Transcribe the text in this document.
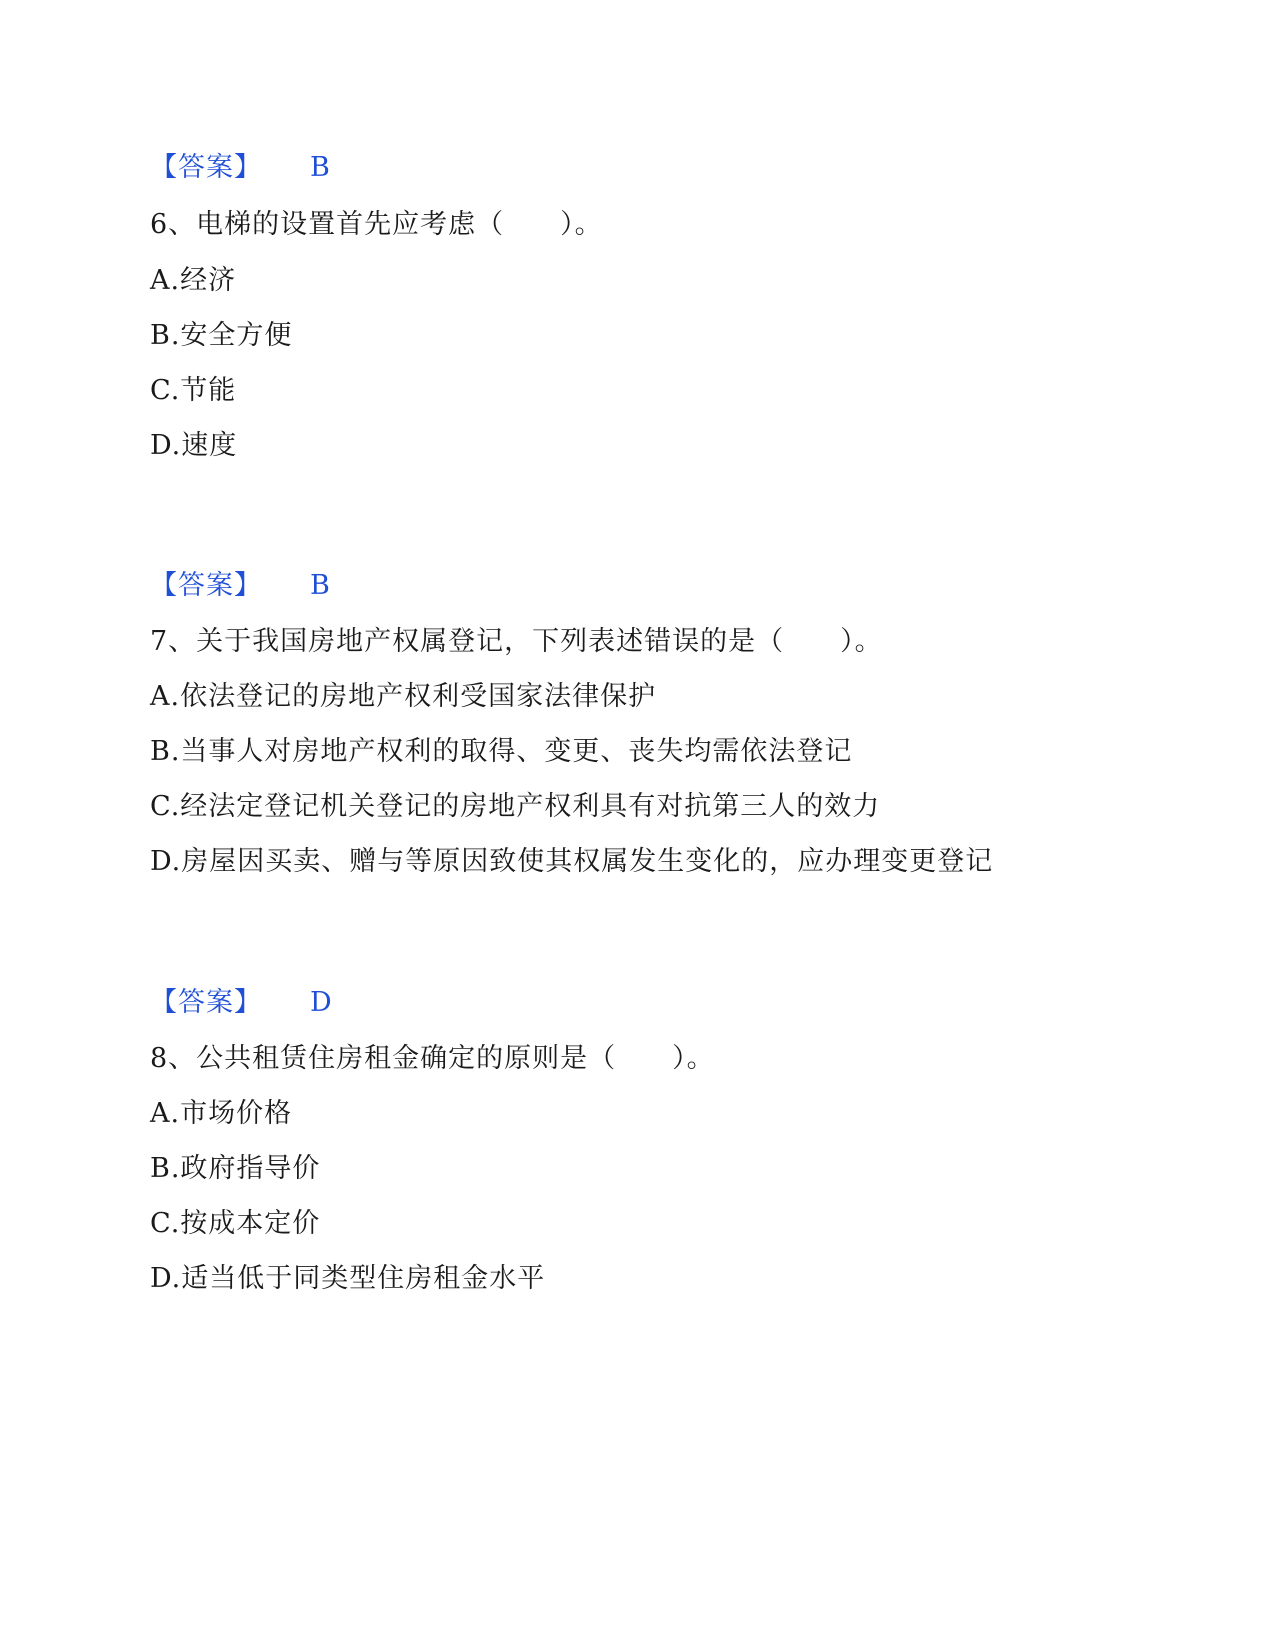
【答案】 B
6、电梯的设置首先应考虑（　　）。
A.经济
B.安全方便
C.节能
D.速度
【答案】 B
7、关于我国房地产权属登记，下列表述错误的是（　　）。
A.依法登记的房地产权利受国家法律保护
B.当事人对房地产权利的取得、变更、丧失均需依法登记
C.经法定登记机关登记的房地产权利具有对抗第三人的效力
D.房屋因买卖、赠与等原因致使其权属发生变化的，应办理变更登记
【答案】 D
8、公共租赁住房租金确定的原则是（　　）。
A.市场价格
B.政府指导价
C.按成本定价
D.适当低于同类型住房租金水平
